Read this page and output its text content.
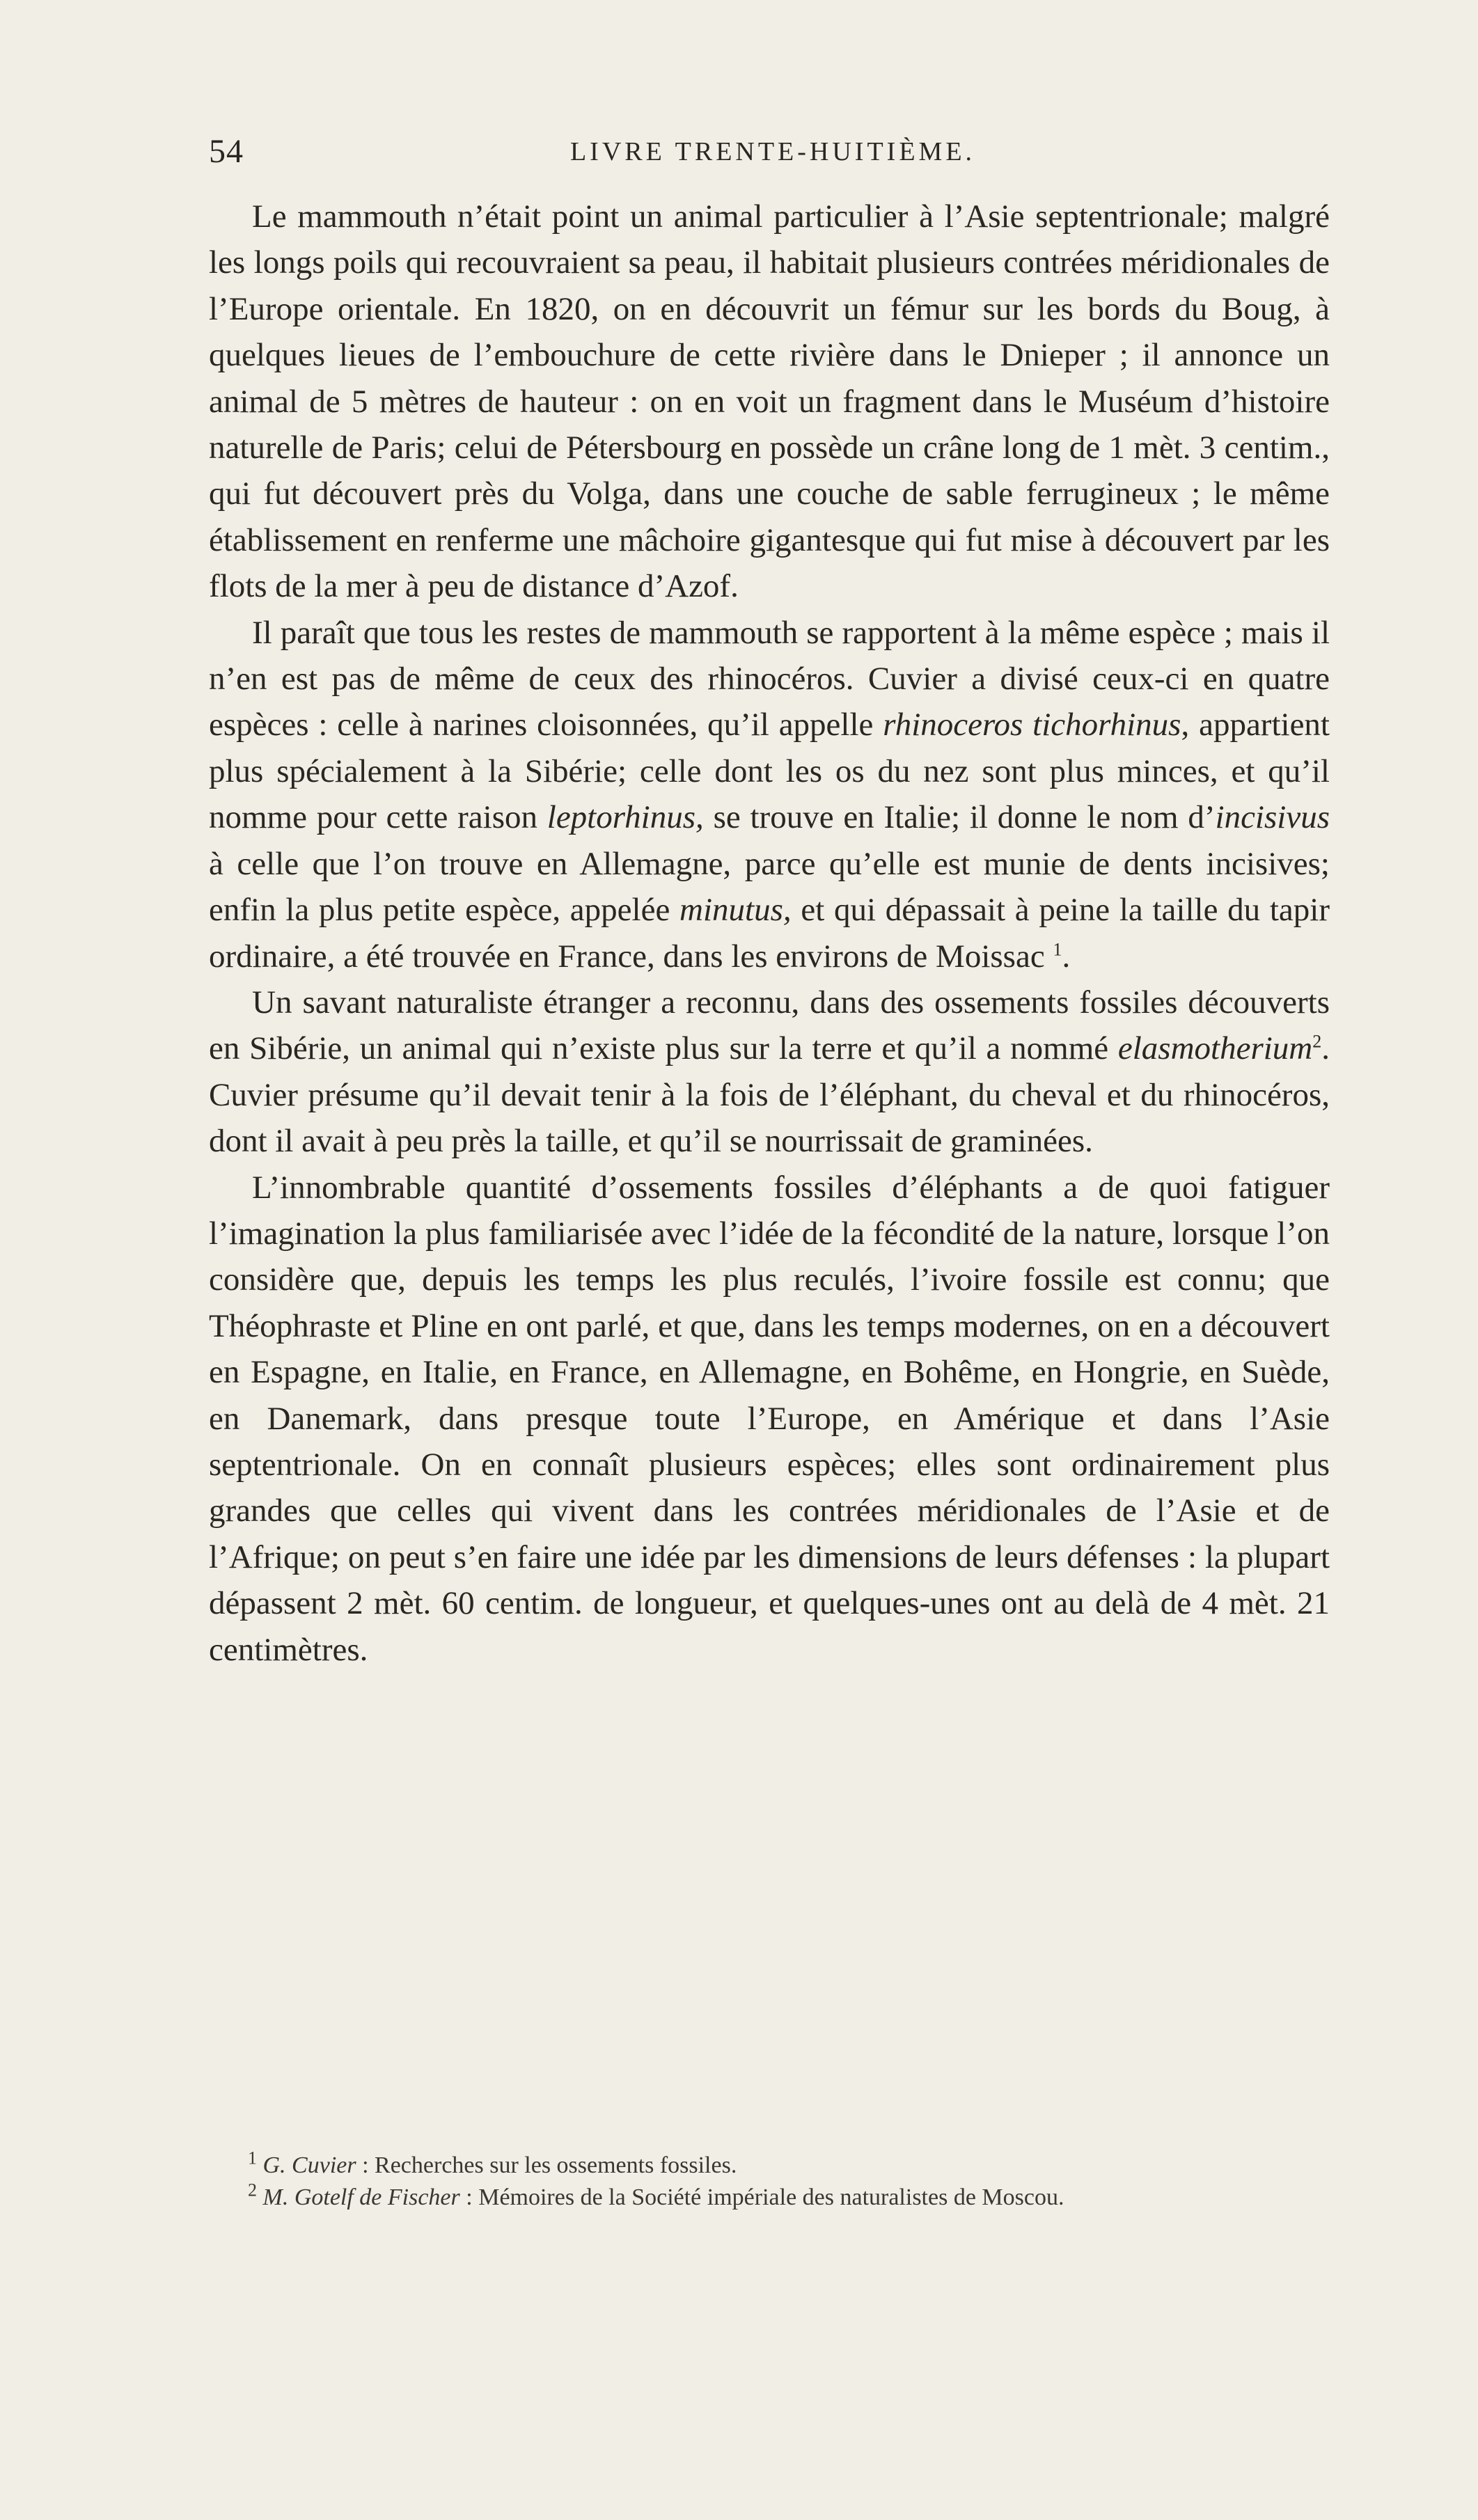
54	LIVRE TRENTE-HUITIÈME.

Le mammouth n’était point un animal particulier à l’Asie septentrionale; malgré les longs poils qui recouvraient sa peau, il habitait plusieurs contrées méridionales de l’Europe orientale. En 1820, on en découvrit un fémur sur les bords du Boug, à quelques lieues de l’embouchure de cette rivière dans le Dnieper ; il annonce un animal de 5 mètres de hauteur : on en voit un fragment dans le Muséum d’histoire naturelle de Paris; celui de Pétersbourg en possède un crâne long de 1 mèt. 3 centim., qui fut découvert près du Volga, dans une couche de sable ferrugineux ; le même établissement en renferme une mâchoire gigantesque qui fut mise à découvert par les flots de la mer à peu de distance d’Azof.

Il paraît que tous les restes de mammouth se rapportent à la même espèce ; mais il n’en est pas de même de ceux des rhinocéros. Cuvier a divisé ceux-ci en quatre espèces : celle à narines cloisonnées, qu’il appelle rhinoceros tichorhinus, appartient plus spécialement à la Sibérie; celle dont les os du nez sont plus minces, et qu’il nomme pour cette raison leptorhinus, se trouve en Italie; il donne le nom d’incisivus à celle que l’on trouve en Allemagne, parce qu’elle est munie de dents incisives; enfin la plus petite espèce, appelée minutus, et qui dépassait à peine la taille du tapir ordinaire, a été trouvée en France, dans les environs de Moissac $^1$.

Un savant naturaliste étranger a reconnu, dans des ossements fossiles découverts en Sibérie, un animal qui n’existe plus sur la terre et qu’il a nommé elasmotherium$^2$. Cuvier présume qu’il devait tenir à la fois de l’éléphant, du cheval et du rhinocéros, dont il avait à peu près la taille, et qu’il se nourrissait de graminées.

L’innombrable quantité d’ossements fossiles d’éléphants a de quoi fatiguer l’imagination la plus familiarisée avec l’idée de la fécondité de la nature, lorsque l’on considère que, depuis les temps les plus reculés, l’ivoire fossile est connu; que Théophraste et Pline en ont parlé, et que, dans les temps modernes, on en a découvert en Espagne, en Italie, en France, en Allemagne, en Bohême, en Hongrie, en Suède, en Danemark, dans presque toute l’Europe, en Amérique et dans l’Asie septentrionale. On en connaît plusieurs espèces; elles sont ordinairement plus grandes que celles qui vivent dans les contrées méridionales de l’Asie et de l’Afrique; on peut s’en faire une idée par les dimensions de leurs défenses : la plupart dépassent 2 mèt. 60 centim. de longueur, et quelques-unes ont au delà de 4 mèt. 21 centimètres.

$^1$ G. Cuvier : Recherches sur les ossements fossiles.
$^2$ M. Gotelf de Fischer : Mémoires de la Société impériale des naturalistes de Moscou.
